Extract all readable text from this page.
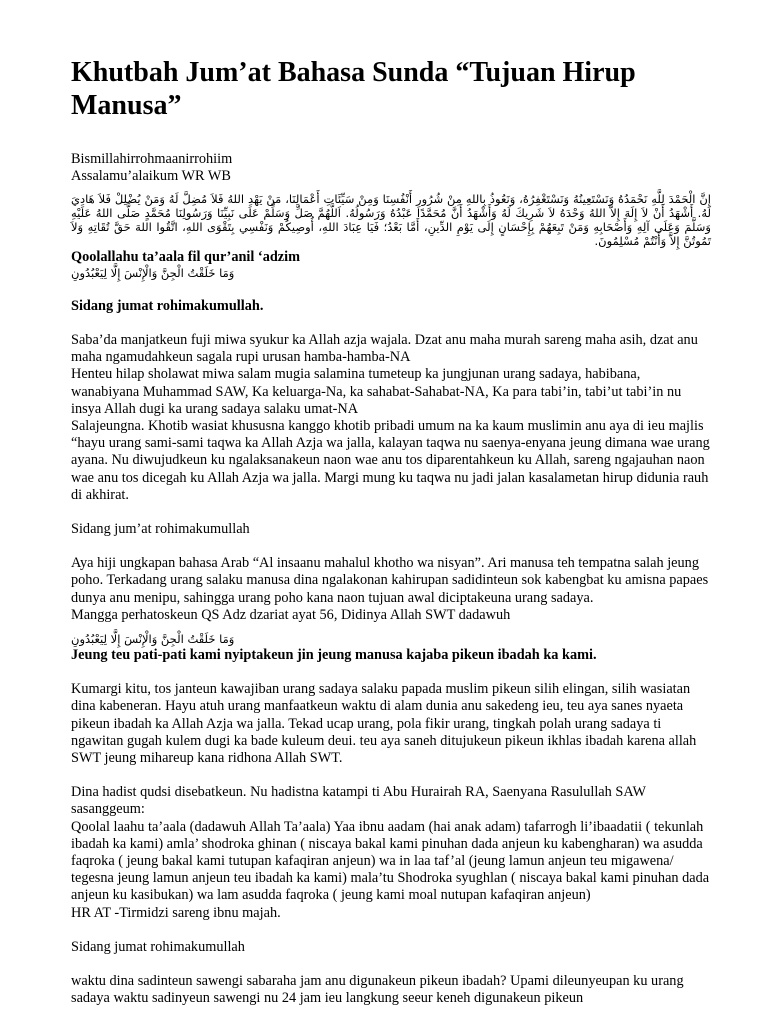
Khutbah Jum’at Bahasa Sunda “Tujuan Hirup Manusa”

Bismillahirrohmaanirrohiim

Assalamu’alaikum WR WB

إِنَّ الْحَمْدَ لِلَّهِ نَحْمَدُهُ وَنَسْتَعِينُهُ وَنَسْتَغْفِرُهُ، وَنَعُوذُ بِاللهِ مِنْ شُرُورِ أَنْفُسِنَا وَمِنْ سَيِّئَاتِ أَعْمَالِنَا، مَنْ يَهْدِ اللهُ فَلاَ مُضِلَّ لَهُ وَمَنْ يُضْلِلْ فَلاَ هَادِيَ لَهُ. أَشْهَدُ أَنْ لاَ إِلَهَ إِلاَّ اللهُ وَحْدَهُ لاَ شَرِيكَ لَهُ وَأَشْهَدُ أَنَّ مُحَمَّدًا عَبْدُهُ وَرَسُولُهُ. اَللَّهُمَّ صَلِّ وَسَلِّمْ عَلَى نَبِيِّنَا وَرَسُولِنَا مُحَمَّدٍ صَلَّى اللهُ عَلَيْهِ وَسَلَّمَ وَعَلَى آلِهِ وَأَصْحَابِهِ وَمَنْ تَبِعَهُمْ بِإِحْسَانٍ إِلَى يَوْمِ الدِّينِ، أَمَّا بَعْدُ؛ فَيَا عِبَادَ اللهِ، أُوصِيكُمْ وَنَفْسِي بِتَقْوَى اللهِ، اتَّقُوا اللهَ حَقَّ تُقَاتِهِ وَلاَ تَمُوتُنَّ إِلاَّ وَأَنْتُمْ مُسْلِمُونَ.

Qoolallahu ta’aala fil qur’anil ‘adzim

وَمَا خَلَقْتُ الْجِنَّ وَالْإِنْسَ إِلَّا لِيَعْبُدُونِ

Sidang jumat rohimakumullah.

Saba’da manjatkeun fuji miwa syukur ka Allah azja wajala. Dzat anu maha murah sareng maha asih, dzat anu maha ngamudahkeun sagala rupi urusan hamba-hamba-NA

Henteu hilap sholawat miwa salam mugia salamina tumeteup ka jungjunan urang sadaya, habibana, wanabiyana Muhammad SAW, Ka keluarga-Na, ka sahabat-Sahabat-NA, Ka para tabi’in, tabi’ut tabi’in nu insya Allah dugi ka urang sadaya salaku umat-NA

Salajeungna. Khotib wasiat khususna kanggo khotib pribadi umum na ka kaum muslimin anu aya di ieu majlis “hayu urang sami-sami taqwa ka Allah Azja wa jalla, kalayan taqwa nu saenya-enyana jeung dimana wae urang ayana. Nu diwujudkeun ku ngalaksanakeun naon wae anu tos diparentahkeun ku Allah, sareng ngajauhan naon wae anu tos dicegah ku Allah Azja wa jalla. Margi mung ku taqwa nu jadi jalan kasalametan hirup didunia rauh di akhirat.

Sidang jum’at rohimakumullah

Aya hiji ungkapan bahasa Arab “Al insaanu mahalul khotho wa nisyan”. Ari manusa teh tempatna salah jeung poho. Terkadang urang salaku manusa dina ngalakonan kahirupan sadidinteun sok kabengbat ku amisna papaes dunya anu menipu, sahingga urang poho kana naon tujuan awal diciptakeuna urang sadaya.

Mangga perhatoskeun QS Adz dzariat ayat 56, Didinya Allah SWT dadawuh

وَمَا خَلَقْتُ الْجِنَّ وَالْإِنْسَ إِلَّا لِيَعْبُدُونِ

Jeung teu pati-pati kami nyiptakeun jin jeung manusa kajaba pikeun ibadah ka kami.

Kumargi kitu, tos janteun kawajiban urang sadaya salaku papada muslim pikeun silih elingan, silih wasiatan dina kabeneran. Hayu atuh urang manfaatkeun waktu di alam dunia anu sakedeng ieu, teu aya sanes nyaeta pikeun ibadah ka Allah Azja wa jalla. Tekad ucap urang, pola fikir urang, tingkah polah urang sadaya ti ngawitan gugah kulem dugi ka bade kuleum deui. teu aya saneh ditujukeun pikeun ikhlas ibadah karena allah SWT jeung mihareup kana ridhona Allah SWT.

Dina hadist qudsi disebatkeun. Nu hadistna katampi ti Abu Hurairah RA, Saenyana Rasulullah SAW sasanggeum:

Qoolal laahu ta’aala (dadawuh Allah Ta’aala) Yaa ibnu aadam (hai anak adam) tafarrogh li’ibaadatii ( tekunlah ibadah ka kami) amla’ shodroka ghinan ( niscaya bakal kami pinuhan dada anjeun ku kabengharan) wa asudda faqroka ( jeung bakal kami tutupan kafaqiran anjeun) wa in laa taf’al (jeung lamun anjeun teu migawena/ tegesna jeung lamun anjeun teu ibadah ka kami) mala’tu Shodroka syughlan ( niscaya bakal kami pinuhan dada anjeun ku kasibukan) wa lam asudda faqroka ( jeung kami moal nutupan kafaqiran anjeun)

HR AT -Tirmidzi sareng ibnu majah.

Sidang jumat rohimakumullah

waktu dina sadinteun sawengi sabaraha jam anu digunakeun pikeun ibadah? Upami dileunyeupan ku urang sadaya waktu sadinyeun sawengi nu 24 jam ieu langkung seeur keneh digunakeun pikeun
